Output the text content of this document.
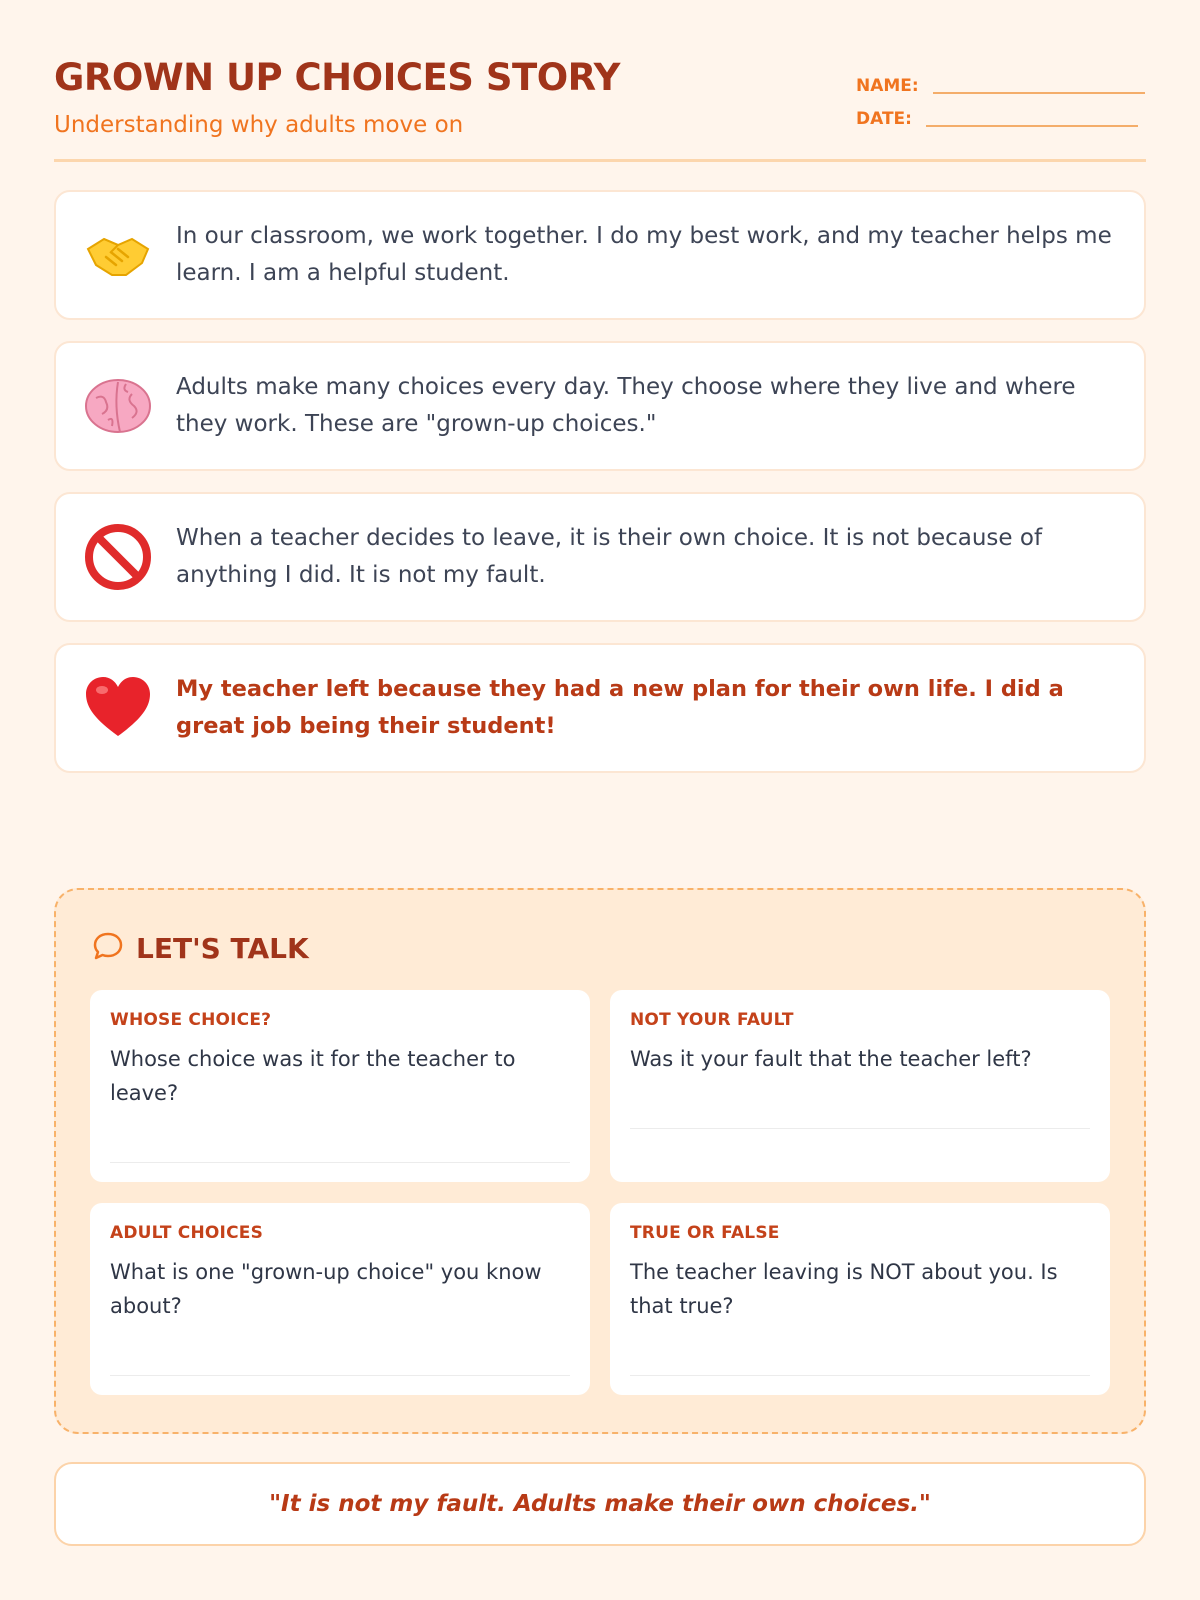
GROWN UP CHOICES STORY
Understanding why adults move on
NAME:
DATE:
In our classroom, we work together. I do my best work, and my teacher helps me learn. I am a helpful student.
Adults make many choices every day. They choose where they live and where they work. These are "grown-up choices."
When a teacher decides to leave, it is their own choice. It is not because of anything I did. It is not my fault.
My teacher left because they had a new plan for their own life. I did a great job being their student!
LET'S TALK
WHOSE CHOICE?
Whose choice was it for the teacher to leave?
NOT YOUR FAULT
Was it your fault that the teacher left?
ADULT CHOICES
What is one "grown-up choice" you know about?
TRUE OR FALSE
The teacher leaving is NOT about you. Is that true?
"It is not my fault. Adults make their own choices."
